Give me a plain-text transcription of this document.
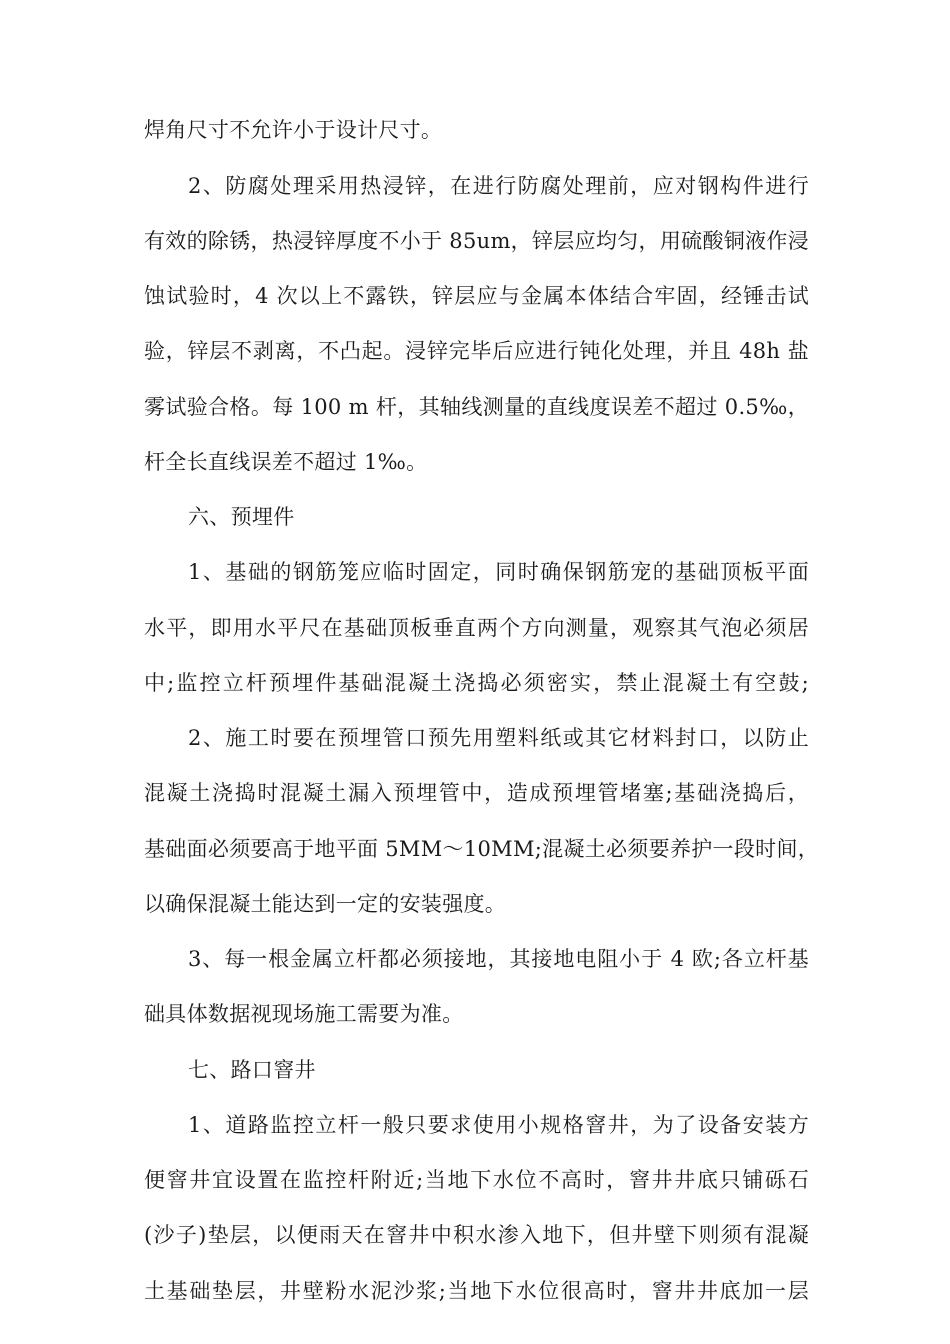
焊角尺寸不允许小于设计尺寸。
2、防腐处理采用热浸锌，在进行防腐处理前，应对钢构件进行
有效的除锈，热浸锌厚度不小于 85um，锌层应均匀，用硫酸铜液作浸
蚀试验时，4 次以上不露铁，锌层应与金属本体结合牢固，经锤击试
验，锌层不剥离，不凸起。浸锌完毕后应进行钝化处理，并且 48h 盐
雾试验合格。每 100 m 杆，其轴线测量的直线度误差不超过 0.5‰，
杆全长直线误差不超过 1‰。
六、预埋件
1、基础的钢筋笼应临时固定，同时确保钢筋宠的基础顶板平面
水平，即用水平尺在基础顶板垂直两个方向测量，观察其气泡必须居
中;监控立杆预埋件基础混凝土浇捣必须密实，禁止混凝土有空鼓;
2、施工时要在预埋管口预先用塑料纸或其它材料封口，以防止
混凝土浇捣时混凝土漏入预埋管中，造成预埋管堵塞;基础浇捣后，
基础面必须要高于地平面 5MM～10MM;混凝土必须要养护一段时间，
以确保混凝土能达到一定的安装强度。
3、每一根金属立杆都必须接地，其接地电阻小于 4 欧;各立杆基
础具体数据视现场施工需要为准。
七、路口窨井
1、道路监控立杆一般只要求使用小规格窨井，为了设备安装方
便窨井宜设置在监控杆附近;当地下水位不高时，窨井井底只铺砾石
(沙子)垫层，以便雨天在窨井中积水渗入地下，但井壁下则须有混凝
土基础垫层，井壁粉水泥沙浆;当地下水位很高时，窨井井底加一层
